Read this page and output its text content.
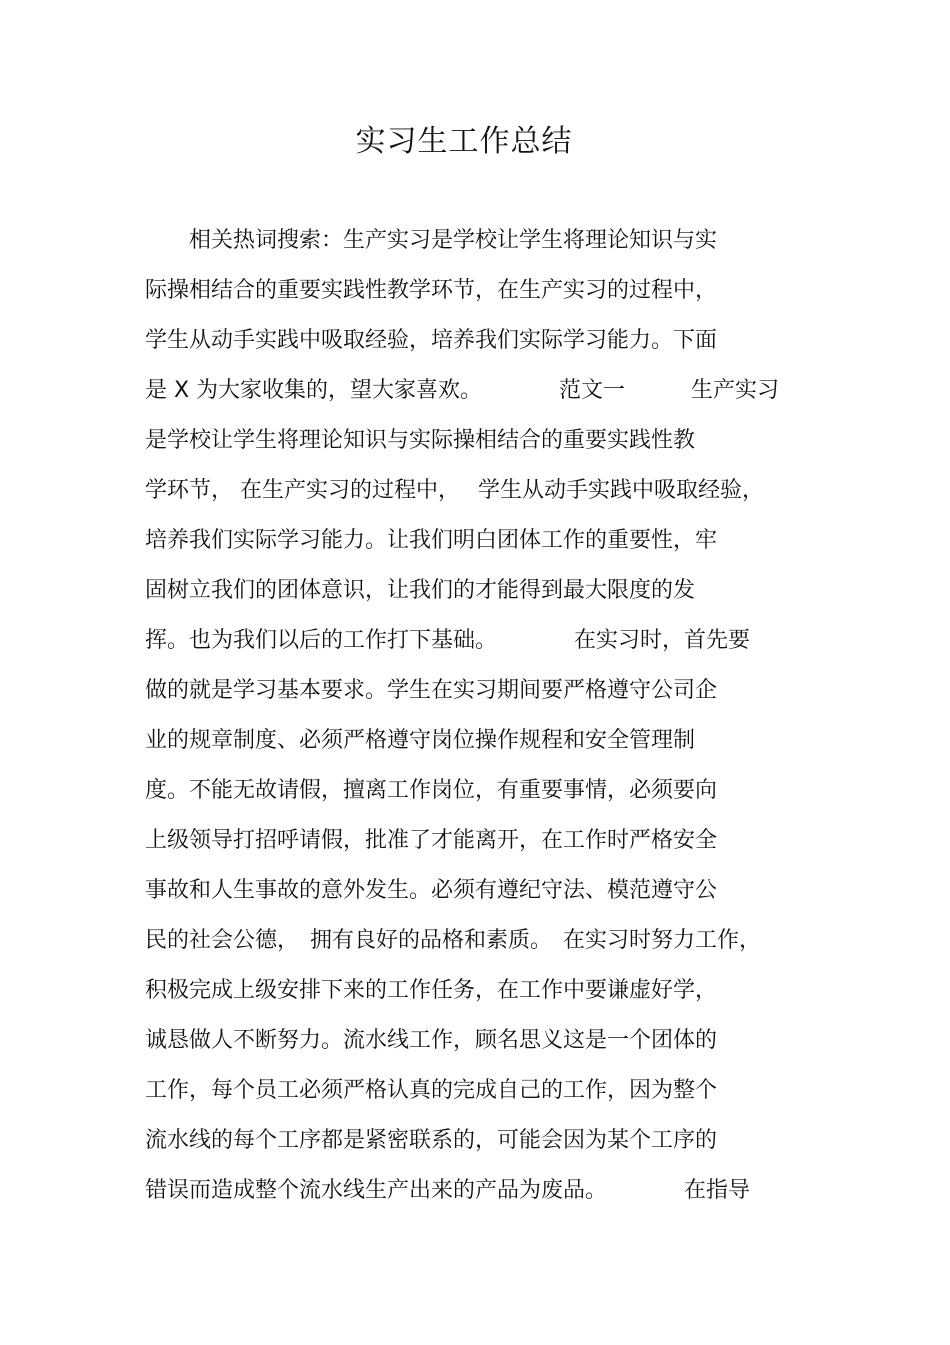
实习生工作总结
　　相关热词搜索：生产实习是学校让学生将理论知识与实
际操相结合的重要实践性教学环节，在生产实习的过程中，
学生从动手实践中吸取经验，培养我们实际学习能力。下面
是 X 为大家收集的，望大家喜欢。　　　　范文一　　　生产实习
是学校让学生将理论知识与实际操相结合的重要实践性教
学环节， 在生产实习的过程中，　 学生从动手实践中吸取经验，
培养我们实际学习能力。让我们明白团体工作的重要性，牢
固树立我们的团体意识，让我们的才能得到最大限度的发
挥。也为我们以后的工作打下基础。　　　　在实习时，首先要
做的就是学习基本要求。学生在实习期间要严格遵守公司企
业的规章制度、必须严格遵守岗位操作规程和安全管理制
度。不能无故请假，擅离工作岗位，有重要事情，必须要向
上级领导打招呼请假，批准了才能离开，在工作时严格安全
事故和人生事故的意外发生。必须有遵纪守法、模范遵守公
民的社会公德，　拥有良好的品格和素质。　在实习时努力工作，
积极完成上级安排下来的工作任务，在工作中要谦虚好学，
诚恳做人不断努力。流水线工作，顾名思义这是一个团体的
工作，每个员工必须严格认真的完成自己的工作，因为整个
流水线的每个工序都是紧密联系的，可能会因为某个工序的
错误而造成整个流水线生产出来的产品为废品。　　　　在指导
